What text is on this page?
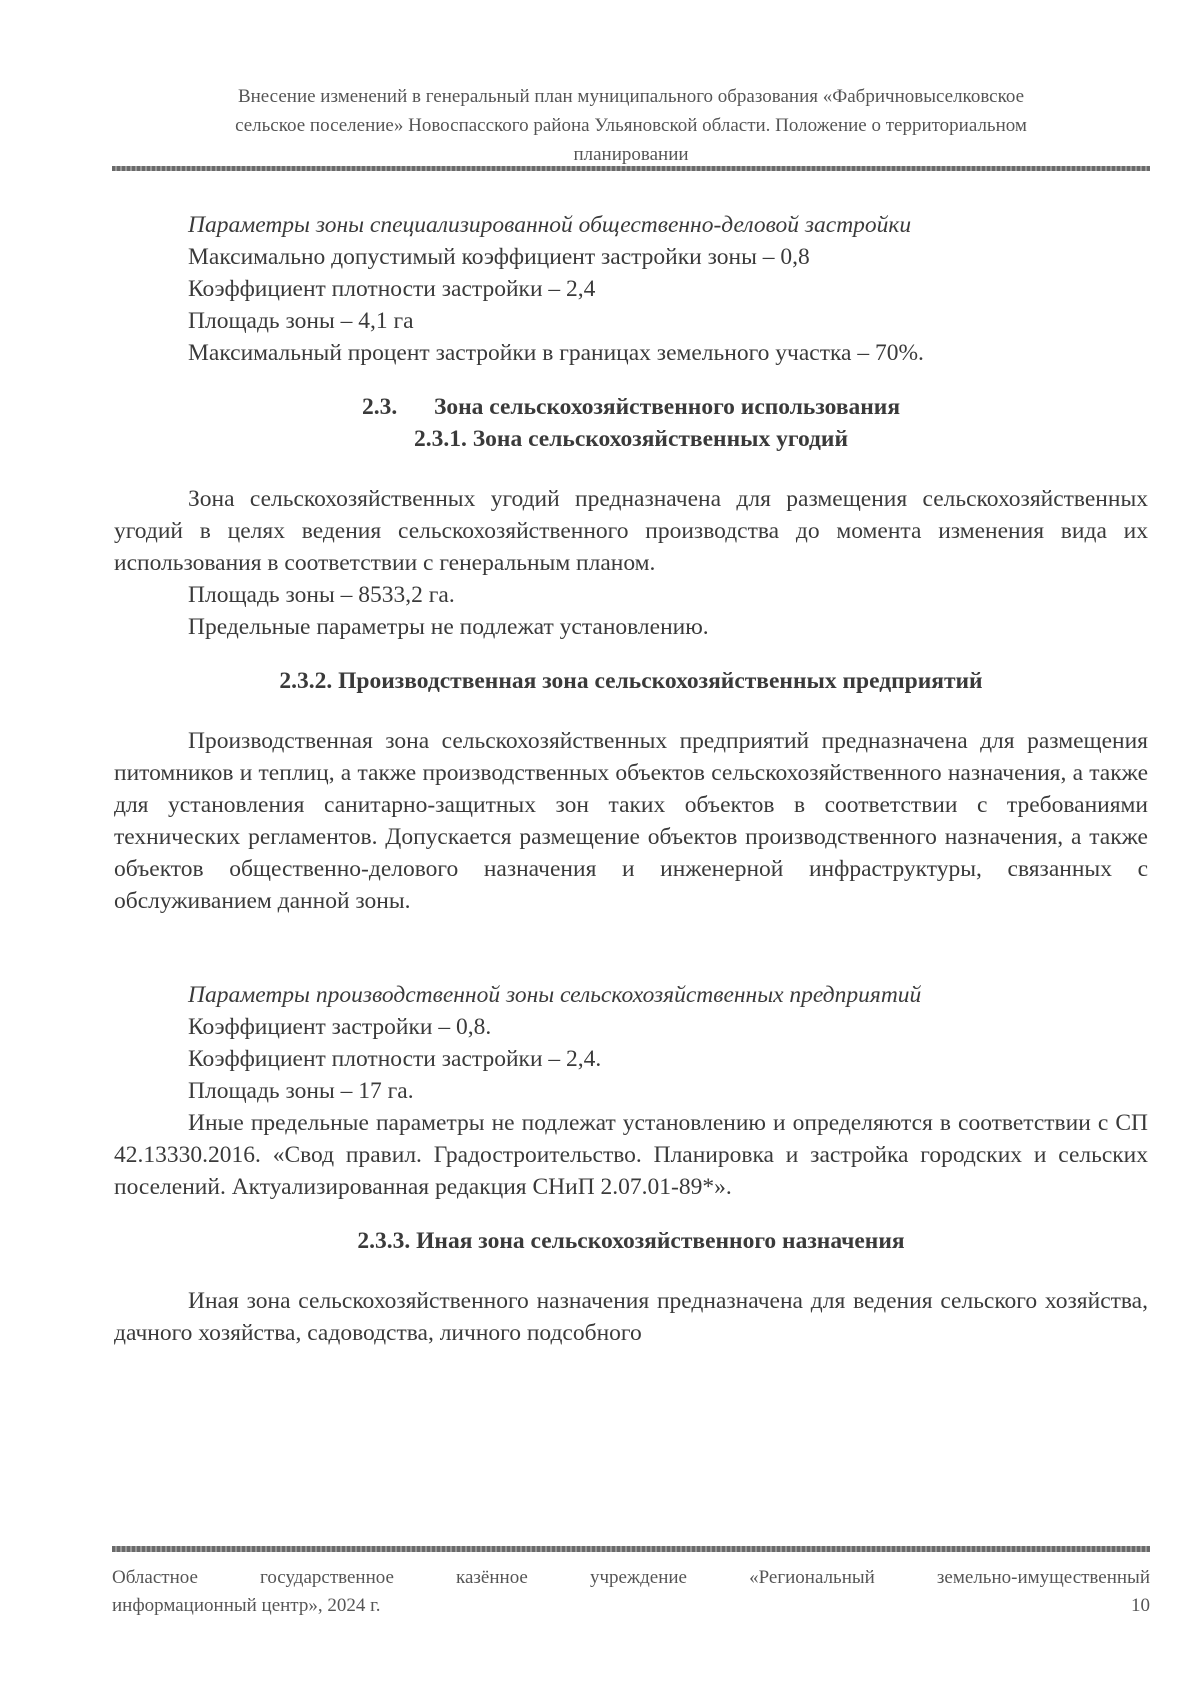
Внесение изменений в генеральный план муниципального образования «Фабричновыселковское
сельское поселение» Новоспасского района Ульяновской области. Положение о территориальном
планировании

Параметры зоны специализированной общественно-деловой застройки

Максимально допустимый коэффициент застройки зоны – 0,8

Коэффициент плотности застройки – 2,4

Площадь зоны – 4,1 га

Максимальный процент застройки в границах земельного участка – 70%.

2.3. Зона сельскохозяйственного использования
2.3.1. Зона сельскохозяйственных угодий

Зона сельскохозяйственных угодий предназначена для размещения сельскохозяйственных угодий в целях ведения сельскохозяйственного производства до момента изменения вида их использования в соответствии с генеральным планом.

Площадь зоны – 8533,2 га.

Предельные параметры не подлежат установлению.

2.3.2. Производственная зона сельскохозяйственных предприятий

Производственная зона сельскохозяйственных предприятий предназначена для размещения питомников и теплиц, а также производственных объектов сельскохозяйственного назначения, а также для установления санитарно-защитных зон таких объектов в соответствии с требованиями технических регламентов. Допускается размещение объектов производственного назначения, а также объектов общественно-делового назначения и инженерной инфраструктуры, связанных с обслуживанием данной зоны.

Параметры производственной зоны сельскохозяйственных предприятий

Коэффициент застройки – 0,8.

Коэффициент плотности застройки – 2,4.

Площадь зоны – 17 га.

Иные предельные параметры не подлежат установлению и определяются в соответствии с СП 42.13330.2016. «Свод правил. Градостроительство. Планировка и застройка городских и сельских поселений. Актуализированная редакция СНиП 2.07.01-89*».

2.3.3. Иная зона сельскохозяйственного назначения

Иная зона сельскохозяйственного назначения предназначена для ведения сельского хозяйства, дачного хозяйства, садоводства, личного подсобного

Областное государственное казённое учреждение «Региональный земельно-имущественный
информационный центр», 2024 г.	10
